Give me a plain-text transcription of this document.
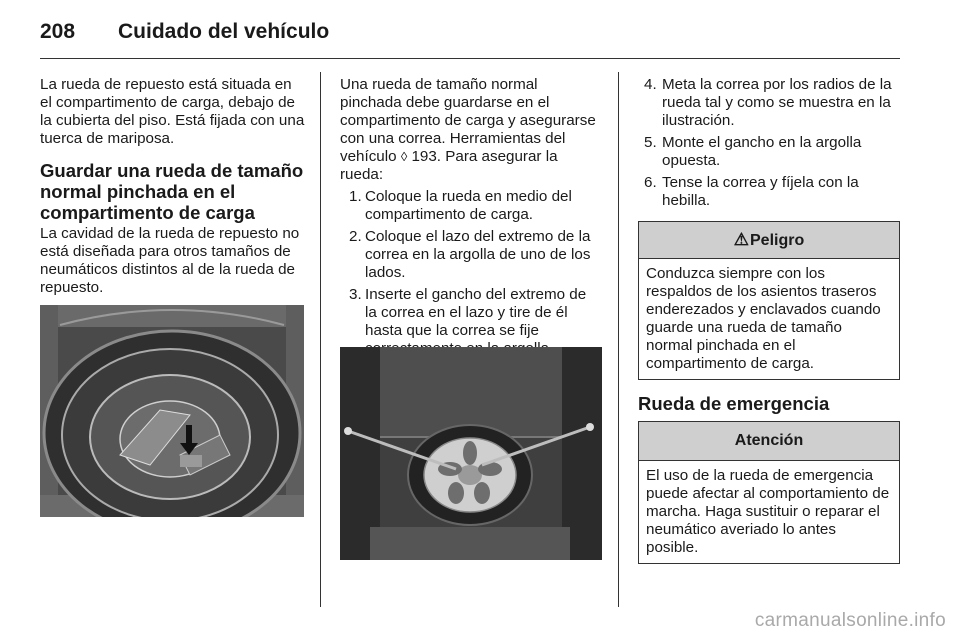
208 Cuidado del vehículo

La rueda de repuesto está situada en el compartimento de carga, debajo de la cubierta del piso. Está fijada con una tuerca de mariposa.

Guardar una rueda de tamaño normal pinchada en el compartimento de carga

La cavidad de la rueda de repuesto no está diseñada para otros tamaños de neumáticos distintos al de la rueda de repuesto.

Una rueda de tamaño normal pinchada debe guardarse en el compartimento de carga y asegurarse con una correa. Herramientas del vehículo ◊ 193. Para asegurar la rueda:

1. Coloque la rueda en medio del compartimento de carga.
2. Coloque el lazo del extremo de la correa en la argolla de uno de los lados.
3. Inserte el gancho del extremo de la correa en el lazo y tire de él hasta que la correa se fije
4. Meta la correa por los radios de la rueda tal y como se muestra en la ilustración.
5. Monte el gancho en la argolla opuesta.
6. Tense la correa y fíjela con la hebilla.
⚠Peligro
Conduzca siempre con los respaldos de los asientos traseros enderezados y enclavados cuando guarde una rueda de tamaño normal pinchada en el compartimento de carga.
Rueda de emergencia
Atención
El uso de la rueda de emergencia puede afectar al comportamiento de marcha. Haga sustituir o reparar el neumático averiado lo antes posible.
carmanualsonline.info
